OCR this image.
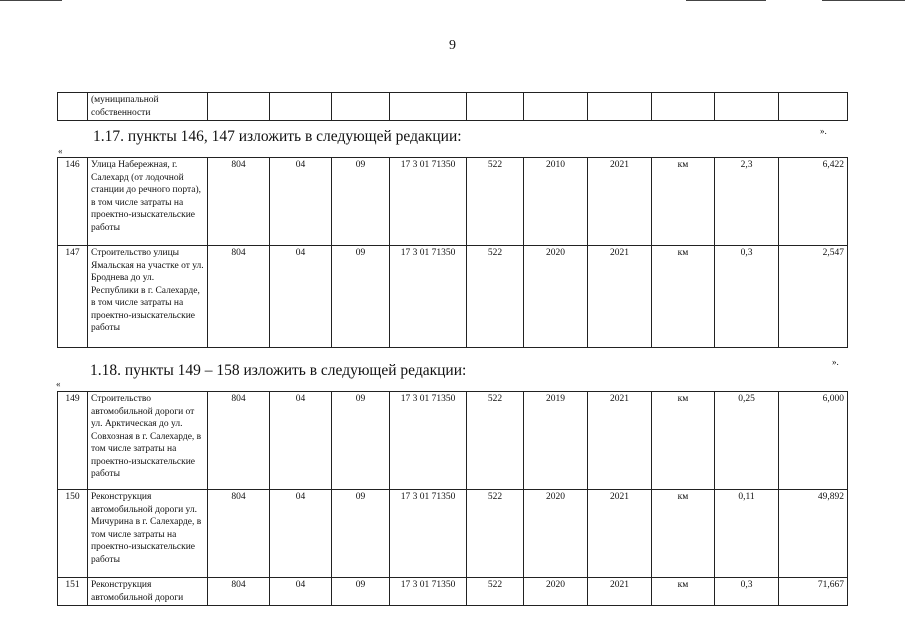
9
	(муниципальной собственности										
1.17. пункты 146, 147 изложить в следующей редакции:	».
«
146	Улица Набережная, г. Салехард (от лодочной станции до речного порта), в том числе затраты на проектно-изыскательские работы	804	04	09	17 3 01 71350	522	2010	2021	км	2,3	6,422
147	Строительство улицы Ямальская на участке от ул. Броднева до ул. Республики в г. Салехарде, в том числе затраты на проектно-изыскательские работы	804	04	09	17 3 01 71350	522	2020	2021	км	0,3	2,547
1.18. пункты 149 – 158 изложить в следующей редакции:	».
«
149	Строительство автомобильной дороги от ул. Арктическая до ул. Совхозная в г. Салехарде, в том числе затраты на проектно-изыскательские работы	804	04	09	17 3 01 71350	522	2019	2021	км	0,25	6,000
150	Реконструкция автомобильной дороги ул. Мичурина в г. Салехарде, в том числе затраты на проектно-изыскательские работы	804	04	09	17 3 01 71350	522	2020	2021	км	0,11	49,892
151	Реконструкция автомобильной дороги	804	04	09	17 3 01 71350	522	2020	2021	км	0,3	71,667
